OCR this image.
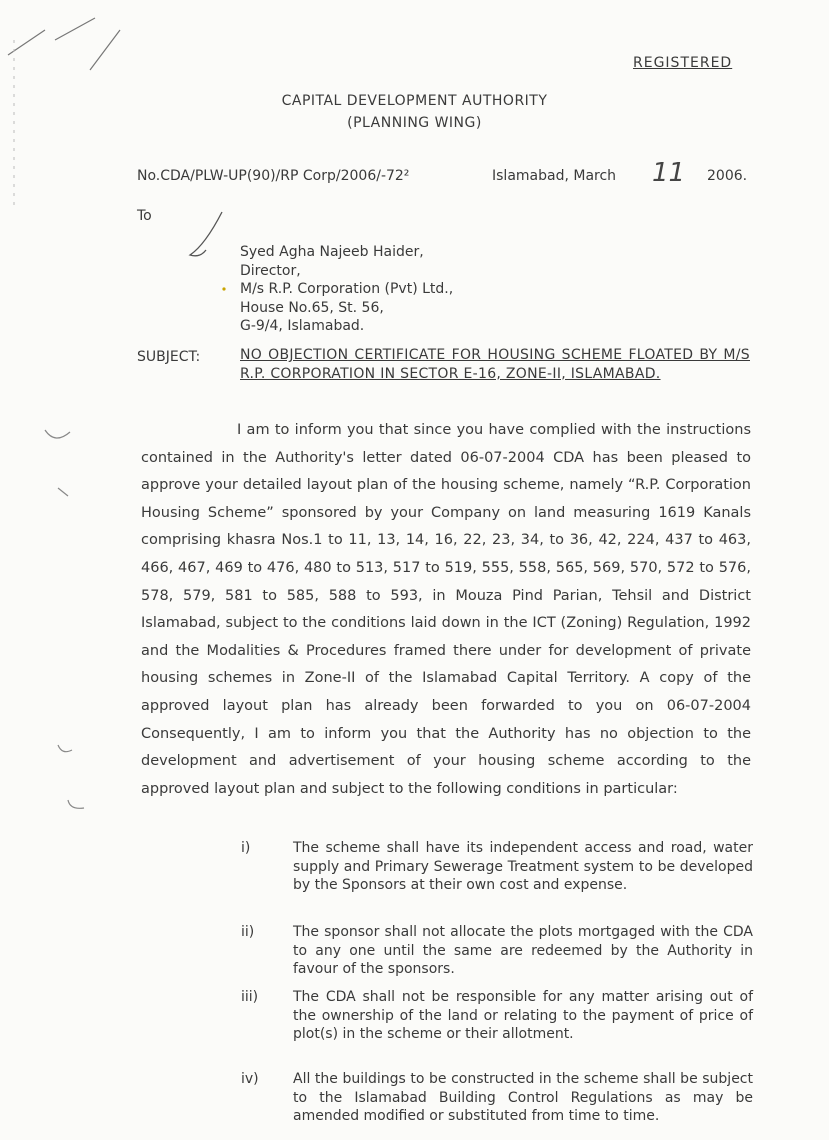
REGISTERED
CAPITAL DEVELOPMENT AUTHORITY
(PLANNING WING)
No.CDA/PLW-UP(90)/RP Corp/2006/-72²	Islamabad, March 11 2006.
To
Syed Agha Najeeb Haider,
Director,
M/s R.P. Corporation (Pvt) Ltd.,
House No.65, St. 56,
G-9/4, Islamabad.
SUBJECT:	NO OBJECTION CERTIFICATE FOR HOUSING SCHEME FLOATED BY M/S R.P. CORPORATION IN SECTOR E-16, ZONE-II, ISLAMABAD.
I am to inform you that since you have complied with the instructions contained in the Authority's letter dated 06-07-2004 CDA has been pleased to approve your detailed layout plan of the housing scheme, namely “R.P. Corporation Housing Scheme” sponsored by your Company on land measuring 1619 Kanals comprising khasra Nos.1 to 11, 13, 14, 16, 22, 23, 34, to 36, 42, 224, 437 to 463, 466, 467, 469 to 476, 480 to 513, 517 to 519, 555, 558, 565, 569, 570, 572 to 576, 578, 579, 581 to 585, 588 to 593, in Mouza Pind Parian, Tehsil and District Islamabad, subject to the conditions laid down in the ICT (Zoning) Regulation, 1992 and the Modalities & Procedures framed there under for development of private housing schemes in Zone-II of the Islamabad Capital Territory. A copy of the approved layout plan has already been forwarded to you on 06-07-2004 Consequently, I am to inform you that the Authority has no objection to the development and advertisement of your housing scheme according to the approved layout plan and subject to the following conditions in particular:
i)	The scheme shall have its independent access and road, water supply and Primary Sewerage Treatment system to be developed by the Sponsors at their own cost and expense.
ii)	The sponsor shall not allocate the plots mortgaged with the CDA to any one until the same are redeemed by the Authority in favour of the sponsors.
iii) The CDA shall not be responsible for any matter arising out of the ownership of the land or relating to the payment of price of plot(s) in the scheme or their allotment.
iv) All the buildings to be constructed in the scheme shall be subject to the Islamabad Building Control Regulations as may be amended modified or substituted from time to time.
